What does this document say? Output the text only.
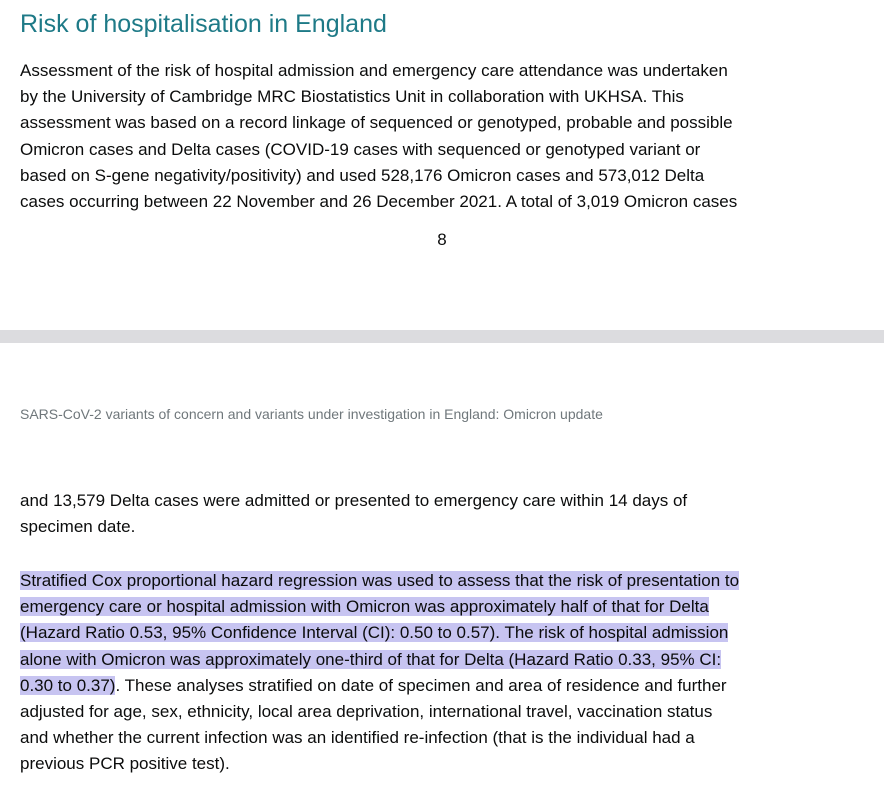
Risk of hospitalisation in England

Assessment of the risk of hospital admission and emergency care attendance was undertaken
by the University of Cambridge MRC Biostatistics Unit in collaboration with UKHSA. This
assessment was based on a record linkage of sequenced or genotyped, probable and possible
Omicron cases and Delta cases (COVID-19 cases with sequenced or genotyped variant or
based on S-gene negativity/positivity) and used 528,176 Omicron cases and 573,012 Delta
cases occurring between 22 November and 26 December 2021. A total of 3,019 Omicron cases

8
SARS-CoV-2 variants of concern and variants under investigation in England: Omicron update

and 13,579 Delta cases were admitted or presented to emergency care within 14 days of
specimen date.

Stratified Cox proportional hazard regression was used to assess that the risk of presentation to
emergency care or hospital admission with Omicron was approximately half of that for Delta
(Hazard Ratio 0.53, 95% Confidence Interval (CI): 0.50 to 0.57). The risk of hospital admission
alone with Omicron was approximately one-third of that for Delta (Hazard Ratio 0.33, 95% CI:
0.30 to 0.37). These analyses stratified on date of specimen and area of residence and further
adjusted for age, sex, ethnicity, local area deprivation, international travel, vaccination status
and whether the current infection was an identified re-infection (that is the individual had a
previous PCR positive test).
